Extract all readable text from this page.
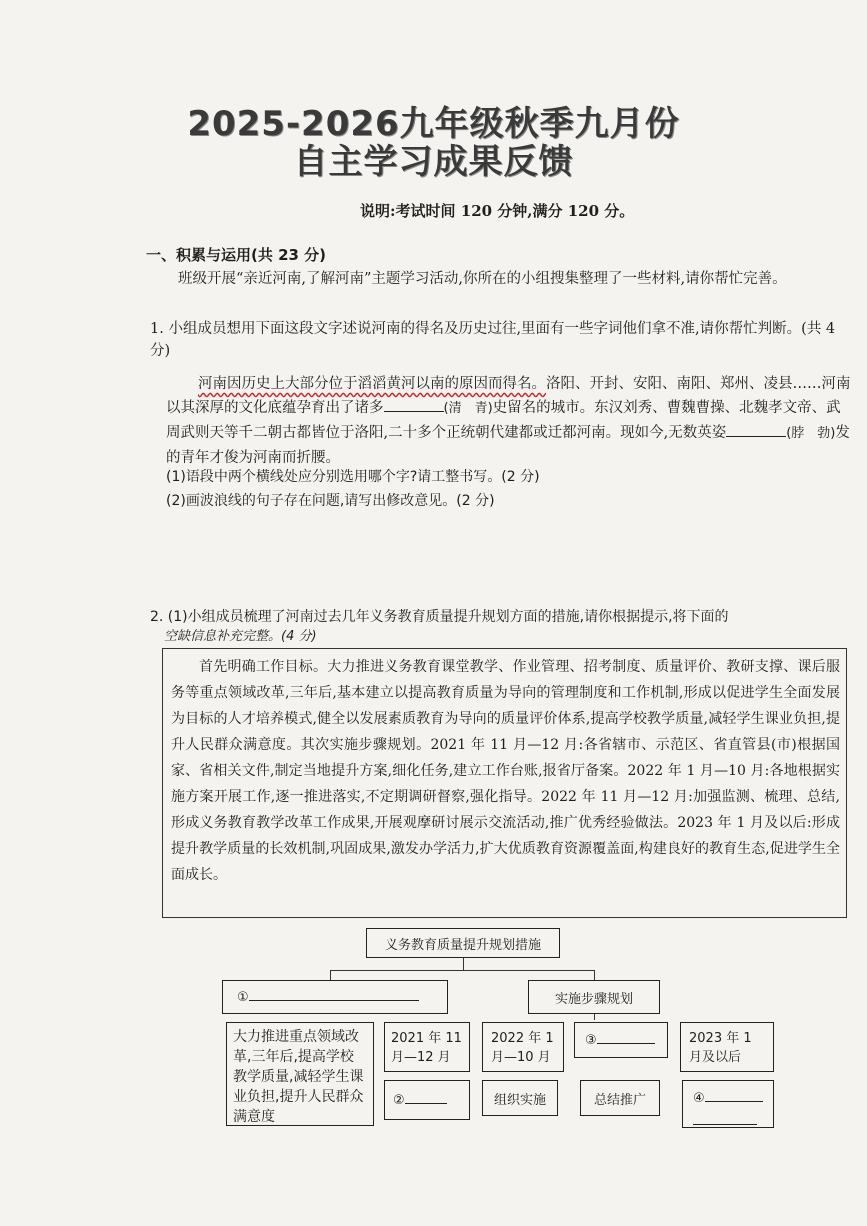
2025-2026九年级秋季九月份
自主学习成果反馈
说明:考试时间 120 分钟,满分 120 分。
一、积累与运用(共 23 分)
班级开展“亲近河南,了解河南”主题学习活动,你所在的小组搜集整理了一些材料,请你帮忙完善。
1. 小组成员想用下面这段文字述说河南的得名及历史过往,里面有一些字词他们拿不准,请你帮忙判断。(共 4 分)
河南因历史上大部分位于滔滔黄河以南的原因而得名。洛阳、开封、安阳、南阳、郑州、凌县……河南以其深厚的文化底蕴孕育出了诸多	(清　青)史留名的城市。东汉刘秀、曹魏曹操、北魏孝文帝、武周武则天等千二朝古都皆位于洛阳,二十多个正统朝代建都或迁都河南。现如今,无数英姿	(脖　勃)发的青年才俊为河南而折腰。
(1)语段中两个横线处应分别选用哪个字?请工整书写。(2 分)
(2)画波浪线的句子存在问题,请写出修改意见。(2 分)
2. (1)小组成员梳理了河南过去几年义务教育质量提升规划方面的措施,请你根据提示,将下面的
空缺信息补充完整。(4 分)
首先明确工作目标。大力推进义务教育课堂教学、作业管理、招考制度、质量评价、教研支撑、课后服务等重点领域改革,三年后,基本建立以提高教育质量为导向的管理制度和工作机制,形成以促进学生全面发展为目标的人才培养模式,健全以发展素质教育为导向的质量评价体系,提高学校教学质量,减轻学生课业负担,提升人民群众满意度。其次实施步骤规划。2021 年 11 月—12 月:各省辖市、示范区、省直管县(市)根据国家、省相关文件,制定当地提升方案,细化任务,建立工作台账,报省厅备案。2022 年 1 月—10 月:各地根据实施方案开展工作,逐一推进落实,不定期调研督察,强化指导。2022 年 11 月—12 月:加强监测、梳理、总结,形成义务教育教学改革工作成果,开展观摩研讨展示交流活动,推广优秀经验做法。2023 年 1 月及以后:形成提升教学质量的长效机制,巩固成果,激发办学活力,扩大优质教育资源覆盖面,构建良好的教育生态,促进学生全面成长。
义务教育质量提升规划措施
①	实施步骤规划
大力推进重点领域改革,三年后,提高学校教学质量,减轻学生课业负担,提升人民群众满意度
2021 年 11 月—12 月
2022 年 1 月—10 月
③	2023 年 1 月及以后
②	组织实施	总结推广	④
